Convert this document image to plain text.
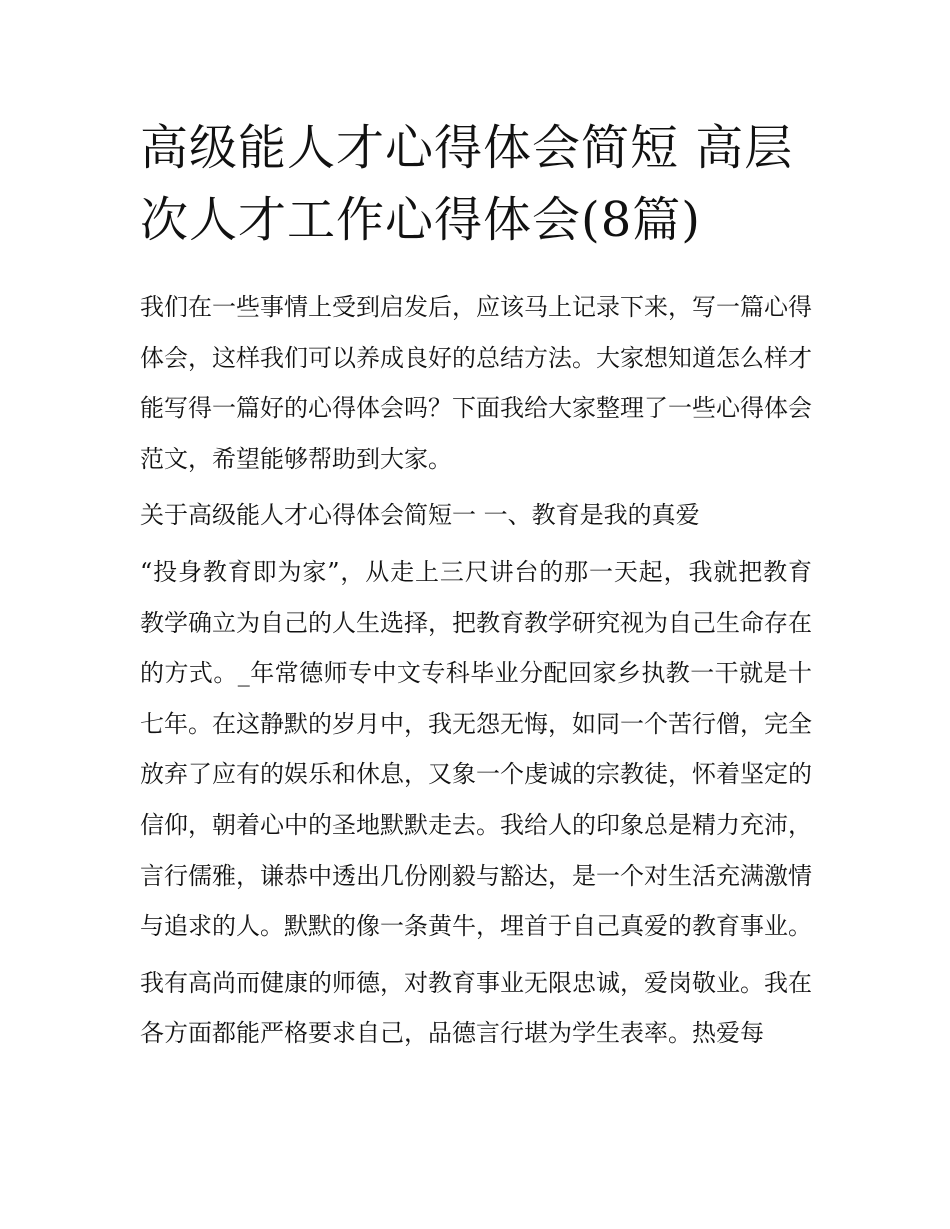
高级能人才心得体会简短 高层次人才工作心得体会(8篇)

我们在一些事情上受到启发后，应该马上记录下来，写一篇心得体会，这样我们可以养成良好的总结方法。大家想知道怎么样才能写得一篇好的心得体会吗？下面我给大家整理了一些心得体会范文，希望能够帮助到大家。

关于高级能人才心得体会简短一 一、教育是我的真爱

“投身教育即为家”，从走上三尺讲台的那一天起，我就把教育教学确立为自己的人生选择，把教育教学研究视为自己生命存在的方式。_年常德师专中文专科毕业分配回家乡执教一干就是十七年。在这静默的岁月中，我无怨无悔，如同一个苦行僧，完全放弃了应有的娱乐和休息，又象一个虔诚的宗教徒，怀着坚定的信仰，朝着心中的圣地默默走去。我给人的印象总是精力充沛，言行儒雅，谦恭中透出几份刚毅与豁达，是一个对生活充满激情与追求的人。默默的像一条黄牛，埋首于自己真爱的教育事业。

我有高尚而健康的师德，对教育事业无限忠诚，爱岗敬业。我在各方面都能严格要求自己，品德言行堪为学生表率。热爱每
